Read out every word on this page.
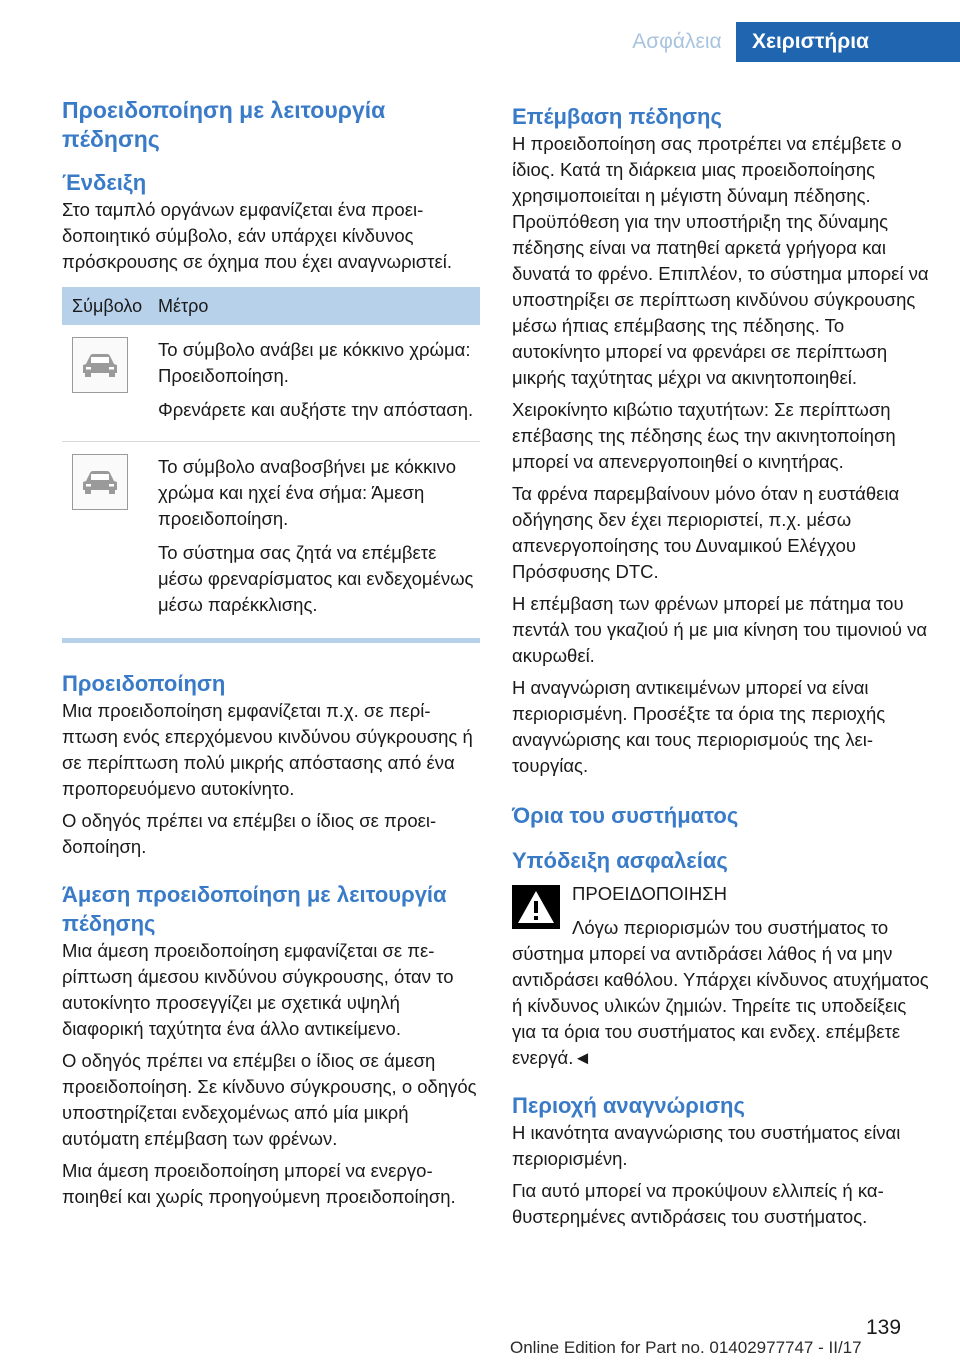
Ασφάλεια	Χειριστήρια
Προειδοποίηση με λειτουργία πέδησης
Ένδειξη

Στο ταμπλό οργάνων εμφανίζεται ένα προειδοποιητικό σύμβολο, εάν υπάρχει κίνδυνος πρόσκρουσης σε όχημα που έχει αναγνωριστεί.

Σύμβολο	Μέτρο

Το σύμβολο ανάβει με κόκκινο χρώμα: Προειδοποίηση.

Φρενάρετε και αυξήστε την απόσταση.

Το σύμβολο αναβοσβήνει με κόκκινο χρώμα και ηχεί ένα σήμα: Άμεση προειδοποίηση.

Το σύστημα σας ζητά να επέμβετε μέσω φρεναρίσματος και ενδεχομένως μέσω παρέκκλισης.

Προειδοποίηση

Μια προειδοποίηση εμφανίζεται π.χ. σε περίπτωση ενός επερχόμενου κινδύνου σύγκρουσης ή σε περίπτωση πολύ μικρής απόστασης από ένα προπορευόμενο αυτοκίνητο.

Ο οδηγός πρέπει να επέμβει ο ίδιος σε προειδοποίηση.

Άμεση προειδοποίηση με λειτουργία πέδησης

Μια άμεση προειδοποίηση εμφανίζεται σε περίπτωση άμεσου κινδύνου σύγκρουσης, όταν το αυτοκίνητο προσεγγίζει με σχετικά υψηλή διαφορική ταχύτητα ένα άλλο αντικείμενο.

Ο οδηγός πρέπει να επέμβει ο ίδιος σε άμεση προειδοποίηση. Σε κίνδυνο σύγκρουσης, ο οδηγός υποστηρίζεται ενδεχομένως από μία μικρή αυτόματη επέμβαση των φρένων.

Μια άμεση προειδοποίηση μπορεί να ενεργοποιηθεί και χωρίς προηγούμενη προειδοποίηση.

Επέμβαση πέδησης

Η προειδοποίηση σας προτρέπει να επέμβετε ο ίδιος. Κατά τη διάρκεια μιας προειδοποίησης χρησιμοποιείται η μέγιστη δύναμη πέδησης. Προϋπόθεση για την υποστήριξη της δύναμης πέδησης είναι να πατηθεί αρκετά γρήγορα και δυνατά το φρένο. Επιπλέον, το σύστημα μπορεί να υποστηρίξει σε περίπτωση κινδύνου σύγκρουσης μέσω ήπιας επέμβασης της πέδησης. Το αυτοκίνητο μπορεί να φρενάρει σε περίπτωση μικρής ταχύτητας μέχρι να ακινητοποιηθεί.

Χειροκίνητο κιβώτιο ταχυτήτων: Σε περίπτωση επέβασης της πέδησης έως την ακινητοποίηση μπορεί να απενεργοποιηθεί ο κινητήρας.

Τα φρένα παρεμβαίνουν μόνο όταν η ευστάθεια οδήγησης δεν έχει περιοριστεί, π.χ. μέσω απενεργοποίησης του Δυναμικού Ελέγχου Πρόσφυσης DTC.

Η επέμβαση των φρένων μπορεί με πάτημα του πεντάλ του γκαζιού ή με μια κίνηση του τιμονιού να ακυρωθεί.

Η αναγνώριση αντικειμένων μπορεί να είναι περιορισμένη. Προσέξτε τα όρια της περιοχής αναγνώρισης και τους περιορισμούς της λειτουργίας.

Όρια του συστήματος
Υπόδειξη ασφαλείας
ΠΡΟΕΙΔΟΠΟΙΗΣΗ

Λόγω περιορισμών του συστήματος το σύστημα μπορεί να αντιδράσει λάθος ή να μην αντιδράσει καθόλου. Υπάρχει κίνδυνος ατυχήματος ή κίνδυνος υλικών ζημιών. Τηρείτε τις υποδείξεις για τα όρια του συστήματος και ενδεχ. επέμβετε ενεργά.◄

Περιοχή αναγνώρισης

Η ικανότητα αναγνώρισης του συστήματος είναι περιορισμένη.

Για αυτό μπορεί να προκύψουν ελλιπείς ή καθυστερημένες αντιδράσεις του συστήματος.

139
Online Edition for Part no. 01402977747 - II/17
